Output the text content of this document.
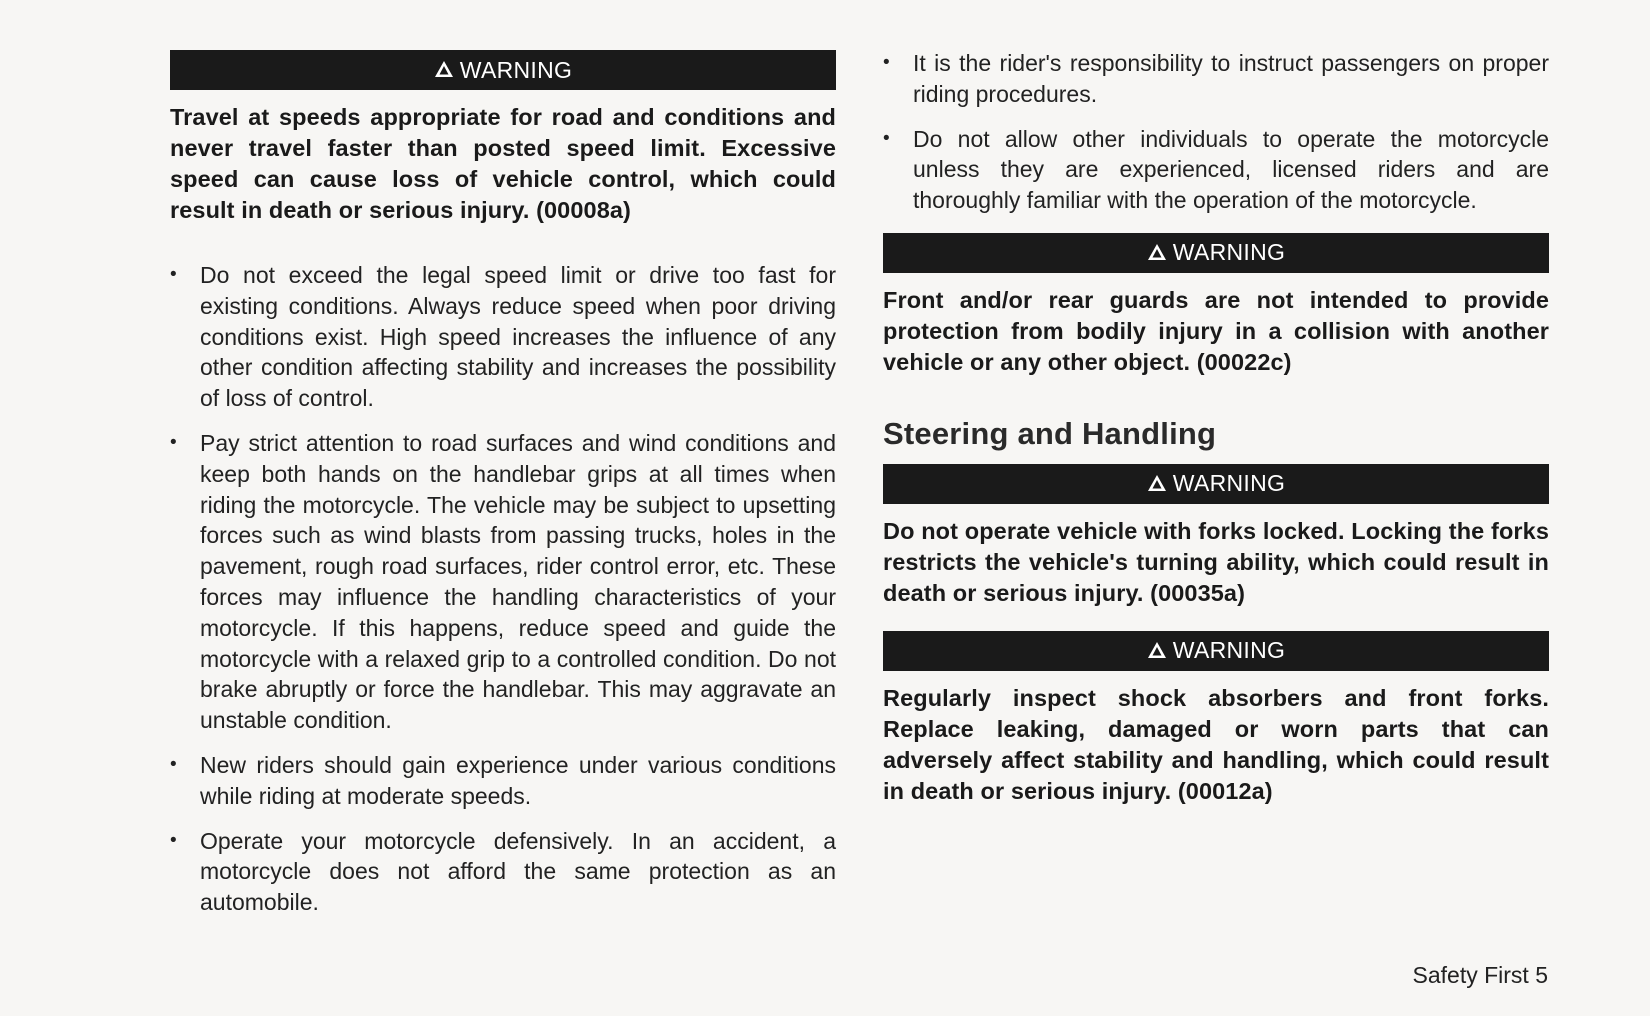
WARNING

Travel at speeds appropriate for road and conditions and never travel faster than posted speed limit. Excessive speed can cause loss of vehicle control, which could result in death or serious injury. (00008a)

• Do not exceed the legal speed limit or drive too fast for existing conditions. Always reduce speed when poor driving conditions exist. High speed increases the influence of any other condition affecting stability and increases the possibility of loss of control.
• Pay strict attention to road surfaces and wind conditions and keep both hands on the handlebar grips at all times when riding the motorcycle. The vehicle may be subject to upsetting forces such as wind blasts from passing trucks, holes in the pavement, rough road surfaces, rider control error, etc. These forces may influence the handling characteristics of your motorcycle. If this happens, reduce speed and guide the motorcycle with a relaxed grip to a controlled condition. Do not brake abruptly or force the handlebar. This may aggravate an unstable condition.
• New riders should gain experience under various conditions while riding at moderate speeds.
• Operate your motorcycle defensively. In an accident, a motorcycle does not afford the same protection as an automobile.
• It is the rider's responsibility to instruct passengers on proper riding procedures.
• Do not allow other individuals to operate the motorcycle unless they are experienced, licensed riders and are thoroughly familiar with the operation of the motorcycle.
WARNING

Front and/or rear guards are not intended to provide protection from bodily injury in a collision with another vehicle or any other object. (00022c)

Steering and Handling
WARNING

Do not operate vehicle with forks locked. Locking the forks restricts the vehicle's turning ability, which could result in death or serious injury. (00035a)

WARNING

Regularly inspect shock absorbers and front forks. Replace leaking, damaged or worn parts that can adversely affect stability and handling, which could result in death or serious injury. (00012a)

Safety First 5
